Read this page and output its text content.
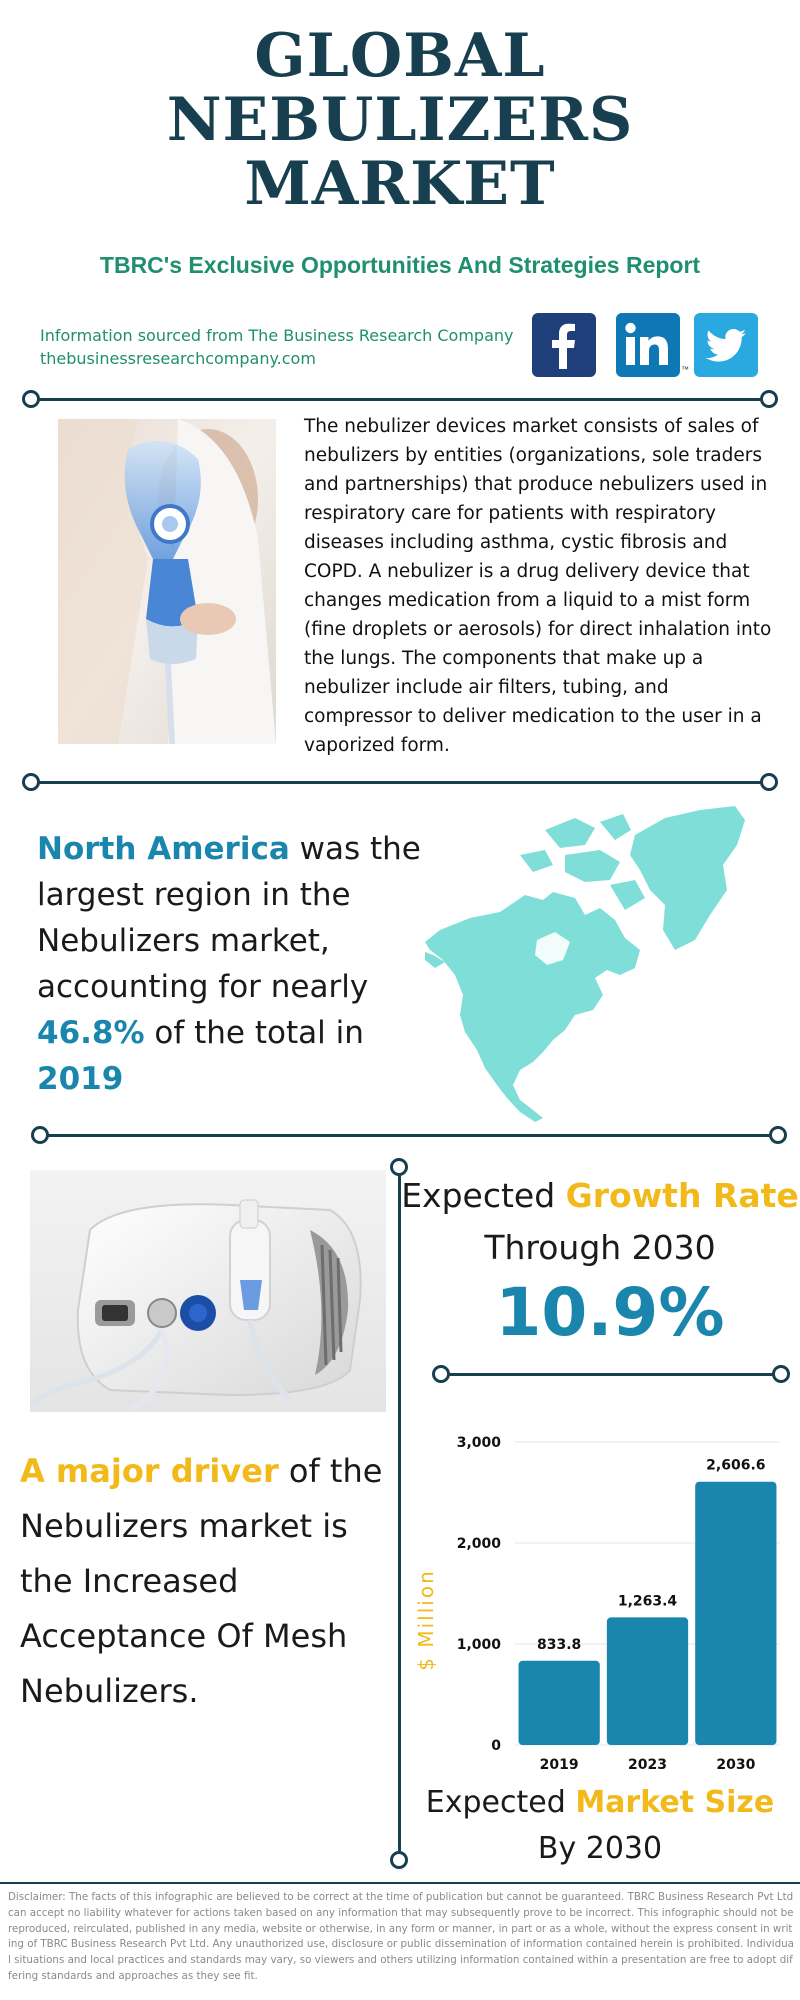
GLOBAL
NEBULIZERS
MARKET
TBRC's Exclusive Opportunities And Strategies Report
Information sourced from The Business Research Company
thebusinessresearchcompany.com
™
The nebulizer devices market consists of sales of nebulizers by entities (organizations, sole traders and partnerships) that produce nebulizers used in respiratory care for patients with respiratory diseases including asthma, cystic fibrosis and COPD. A nebulizer is a drug delivery device that changes medication from a liquid to a mist form (fine droplets or aerosols) for direct inhalation into the lungs. The components that make up a nebulizer include air filters, tubing, and compressor to deliver medication to the user in a vaporized form.
North America was the largest region in the Nebulizers market, accounting for nearly 46.8% of the total in 2019
Expected Growth Rate
Through 2030
10.9%
A major driver of the Nebulizers market is the Increased Acceptance Of Mesh Nebulizers.
$ Million
0
1,000
2,000
3,000
833.8
1,263.4
2,606.6
2019	2023	2030
Expected Market Size
By 2030
Disclaimer: The facts of this infographic are believed to be correct at the time of publication but cannot be guaranteed. TBRC Business Research Pvt Ltd can accept no liability whatever for actions taken based on any information that may subsequently prove to be incorrect. This infographic should not be reproduced, reirculated, published in any media, website or otherwise, in any form or manner, in part or as a whole, without the express consent in writing of TBRC Business Research Pvt Ltd. Any unauthorized use, disclosure or public dissemination of information contained herein is prohibited. Individual situations and local practices and standards may vary, so viewers and others utilizing information contained within a presentation are free to adopt differing standards and approaches as they see fit.
